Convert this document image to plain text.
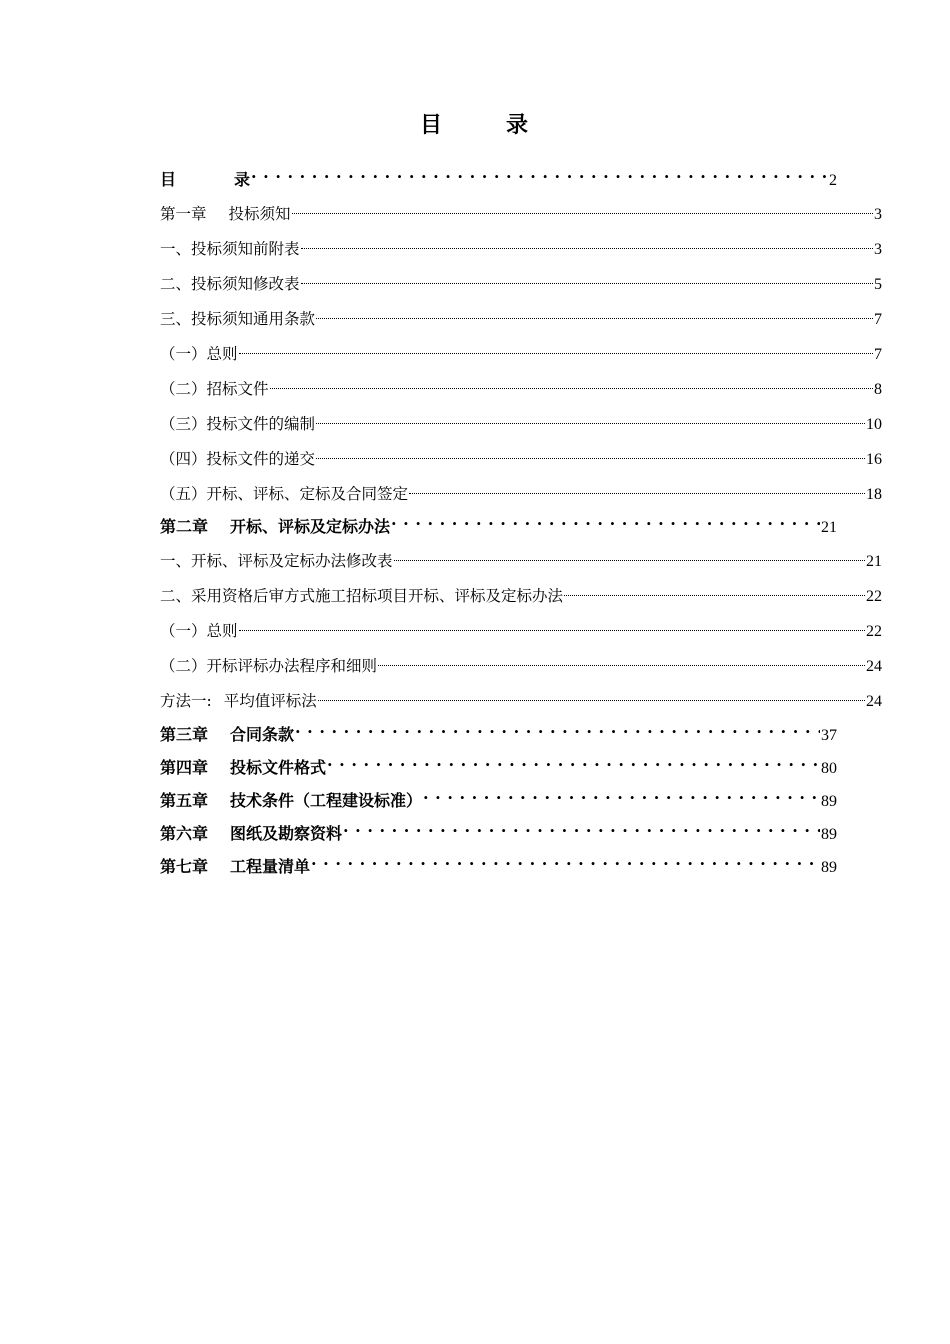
目	录
目	录 . . .	2
第一章 投标须知	3
一、投标须知前附表	3
二、投标须知修改表	5
三、投标须知通用条款	7
（一）总则	7
（二）招标文件	8
（三）投标文件的编制	10
（四）投标文件的递交	16
（五）开标、评标、定标及合同签定	18
第二章 开标、评标及定标办法 . . .	21
一、开标、评标及定标办法修改表	21
二、采用资格后审方式施工招标项目开标、评标及定标办法	22
（一）总则	22
（二）开标评标办法程序和细则	24
方法一: 平均值评标法	24
第三章 合同条款 . . .	37
第四章 投标文件格式 . . .	80
第五章 技术条件（工程建设标准） . . .	89
第六章 图纸及勘察资料 . . .	89
第七章 工程量清单 . . .	89
